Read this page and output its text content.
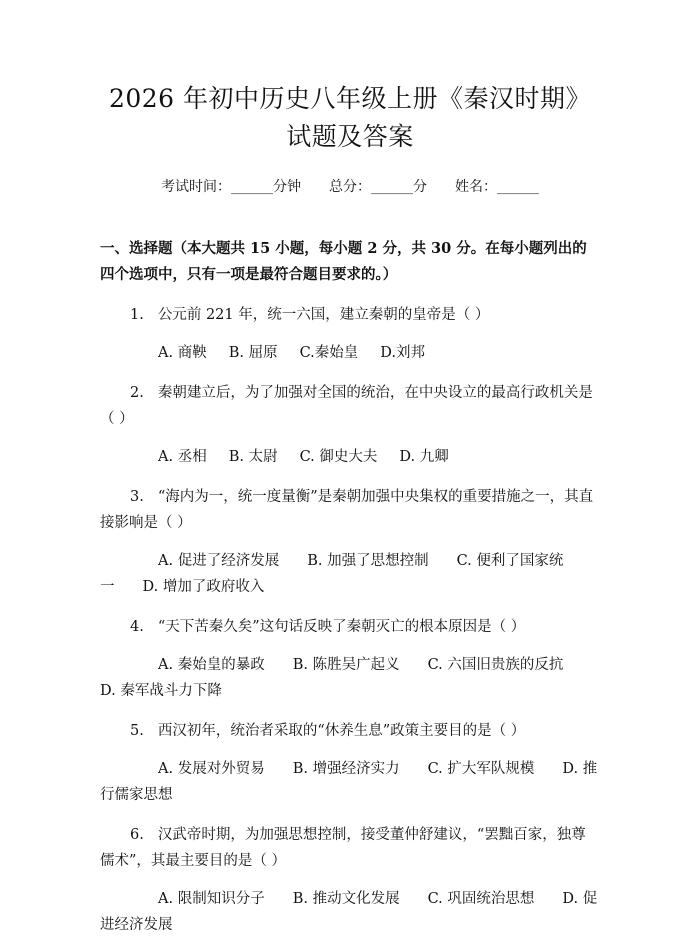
2026 年初中历史八年级上册《秦汉时期》试题及答案
考试时间：______分钟 总分：______分 姓名：______
一、选择题（本大题共 15 小题，每小题 2 分，共 30 分。在每小题列出的四个选项中，只有一项是最符合题目要求的。）
1. 公元前 221 年，统一六国，建立秦朝的皇帝是（ ）
A. 商鞅 B. 屈原 C.秦始皇 D.刘邦
2. 秦朝建立后，为了加强对全国的统治，在中央设立的最高行政机关是（ ）
A. 丞相 B. 太尉 C. 御史大夫 D. 九卿
3. “海内为一，统一度量衡”是秦朝加强中央集权的重要措施之一，其直接影响是（ ）
A. 促进了经济发展 B. 加强了思想控制 C. 便利了国家统一 D. 增加了政府收入
4. “天下苦秦久矣”这句话反映了秦朝灭亡的根本原因是（ ）
A. 秦始皇的暴政 B. 陈胜吴广起义 C. 六国旧贵族的反抗D. 秦军战斗力下降
5. 西汉初年，统治者采取的“休养生息”政策主要目的是（ ）
A. 发展对外贸易 B. 增强经济实力 C. 扩大军队规模 D. 推行儒家思想
6. 汉武帝时期，为加强思想控制，接受董仲舒建议，“罢黜百家，独尊儒术”，其最主要目的是（ ）
A. 限制知识分子 B. 推动文化发展 C. 巩固统治思想 D. 促进经济发展
